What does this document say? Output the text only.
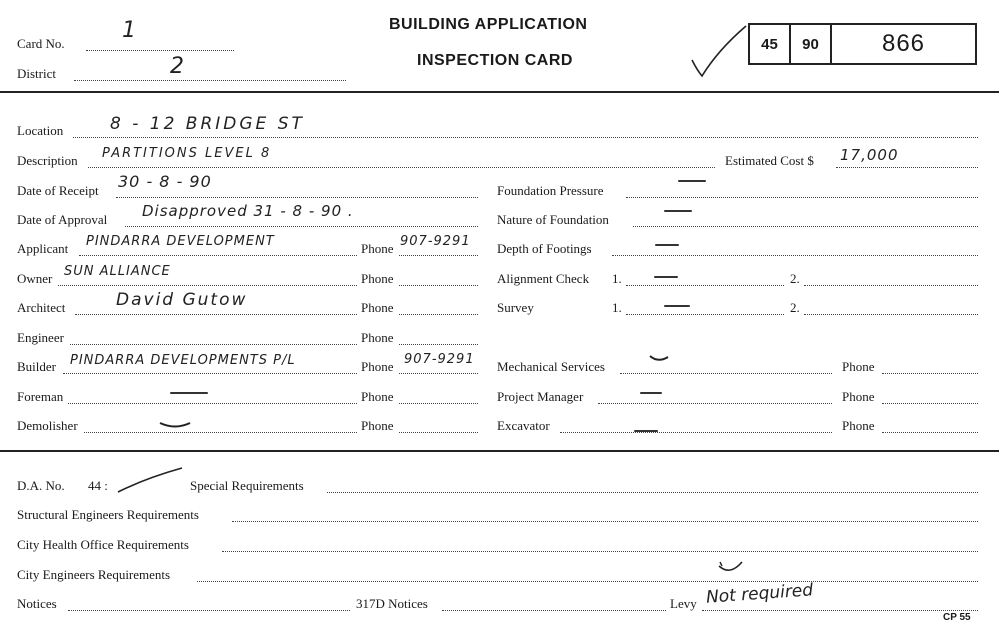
Card No.
1
District	2
BUILDING APPLICATION
INSPECTION CARD
45	90	866
Location	8 - 12 BRIDGE ST
Description PARTITIONS LEVEL 8	Estimated Cost $ 17,000
Date of Receipt 30 - 8 - 90
Date of Approval Disapproved 31 - 8 - 90 .
Applicant PINDARRA DEVELOPMENT	Phone 907-9291
Owner SUN ALLIANCE	Phone
Architect	David Gutow	Phone
Engineer	Phone
Builder PINDARRA DEVELOPMENTS P/L	Phone 907-9291
Foreman	Phone
Demolisher	Phone
Foundation Pressure
Nature of Foundation
Depth of Footings
Alignment Check 1.	2.
Survey	1.	2.
Mechanical Services	Phone
Project Manager	Phone
Excavator	Phone
D.A. No. 44 :	Special Requirements
Structural Engineers Requirements
City Health Office Requirements
City Engineers Requirements
Notices	317D Notices	Levy Not required
CP 55
